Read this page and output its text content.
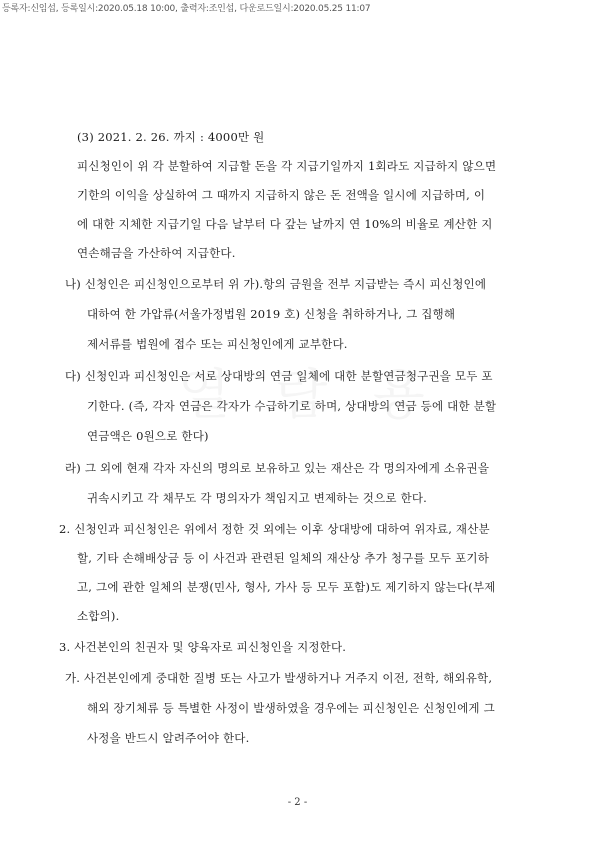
등록자:신임섭, 등록일시:2020.05.18 10:00, 출력자:조인섭, 다운로드일시:2020.05.25 11:07
(3) 2021. 2. 26. 까지 : 4000만 원
피신청인이 위 각 분할하여 지급할 돈을 각 지급기일까지 1회라도 지급하지 않으면
기한의 이익을 상실하여 그 때까지 지급하지 않은 돈 전액을 일시에 지급하며, 이
에 대한 지체한 지급기일 다음 날부터 다 갚는 날까지 연 10%의 비율로 계산한 지
연손해금을 가산하여 지급한다.
나) 신청인은 피신청인으로부터 위 가).항의 금원을 전부 지급받는 즉시 피신청인에
대하여 한 가압류(서울가정법원 2019 호) 신청을 취하하거나, 그 집행해
제서류를 법원에 접수 또는 피신청인에게 교부한다.
다) 신청인과 피신청인은 서로 상대방의 연금 일체에 대한 분할연금청구권을 모두 포
기한다. (즉, 각자 연금은 각자가 수급하기로 하며, 상대방의 연금 등에 대한 분할
연금액은 0원으로 한다)
라) 그 외에 현재 각자 자신의 명의로 보유하고 있는 재산은 각 명의자에게 소유권을
귀속시키고 각 채무도 각 명의자가 책임지고 변제하는 것으로 한다.
2. 신청인과 피신청인은 위에서 정한 것 외에는 이후 상대방에 대하여 위자료, 재산분
할, 기타 손해배상금 등 이 사건과 관련된 일체의 재산상 추가 청구를 모두 포기하
고, 그에 관한 일체의 분쟁(민사, 형사, 가사 등 모두 포함)도 제기하지 않는다(부제
소합의).
3. 사건본인의 친권자 및 양육자로 피신청인을 지정한다.
가. 사건본인에게 중대한 질병 또는 사고가 발생하거나 거주지 이전, 전학, 해외유학,
해외 장기체류 등 특별한 사정이 발생하였을 경우에는 피신청인은 신청인에게 그
사정을 반드시 알려주어야 한다.
- 2 -
